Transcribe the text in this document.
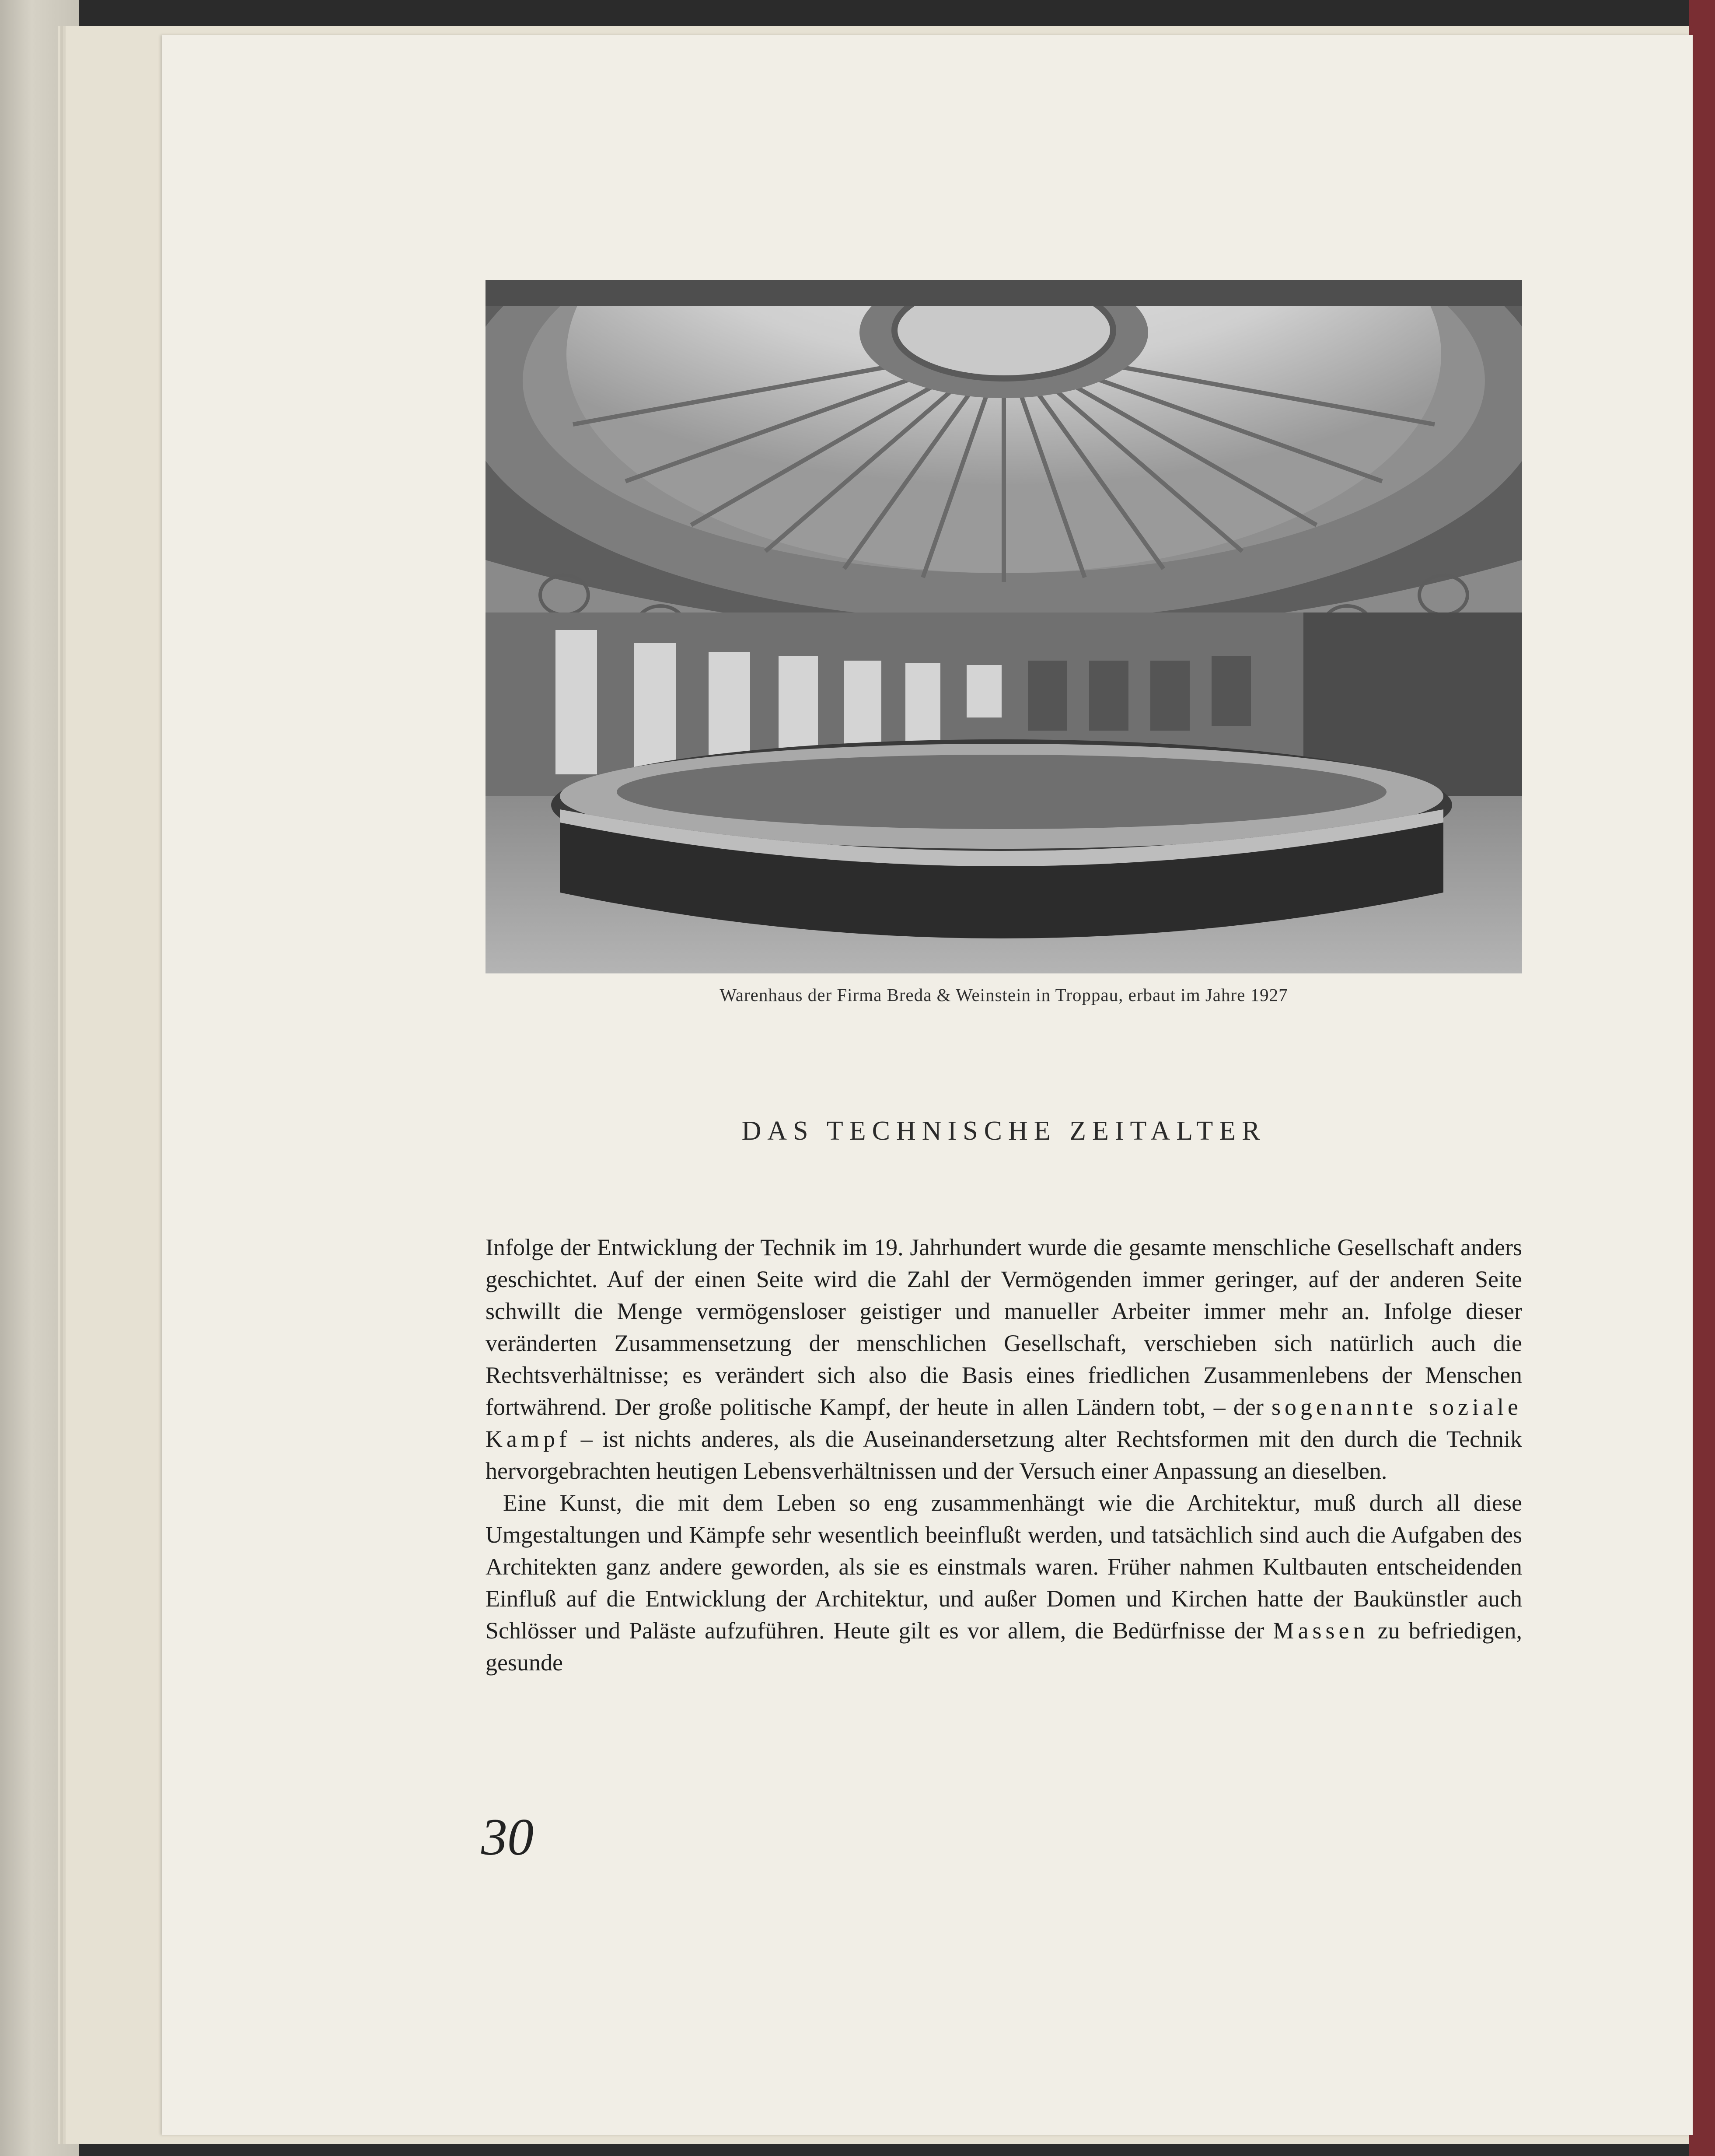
Warenhaus der Firma Breda & Weinstein in Troppau, erbaut im Jahre 1927
DAS TECHNISCHE ZEITALTER

Infolge der Entwicklung der Technik im 19. Jahrhundert wurde die gesamte menschliche Gesellschaft anders geschichtet. Auf der einen Seite wird die Zahl der Vermögenden immer geringer, auf der anderen Seite schwillt die Menge vermögensloser geistiger und manueller Arbeiter immer mehr an. Infolge dieser veränderten Zusammensetzung der menschlichen Gesellschaft, verschieben sich natürlich auch die Rechtsverhältnisse; es verändert sich also die Basis eines friedlichen Zusammenlebens der Menschen fortwährend. Der große politische Kampf, der heute in allen Ländern tobt, – der sogenannte soziale Kampf – ist nichts anderes, als die Auseinandersetzung alter Rechtsformen mit den durch die Technik hervorgebrachten heutigen Lebensverhältnissen und der Versuch einer Anpassung an dieselben.

Eine Kunst, die mit dem Leben so eng zusammenhängt wie die Architektur, muß durch all diese Umgestaltungen und Kämpfe sehr wesentlich beeinflußt werden, und tatsächlich sind auch die Aufgaben des Architekten ganz andere geworden, als sie es einstmals waren. Früher nahmen Kultbauten entscheidenden Einfluß auf die Entwicklung der Architektur, und außer Domen und Kirchen hatte der Baukünstler auch Schlösser und Paläste aufzuführen. Heute gilt es vor allem, die Bedürfnisse der Massen zu befriedigen, gesunde

30
